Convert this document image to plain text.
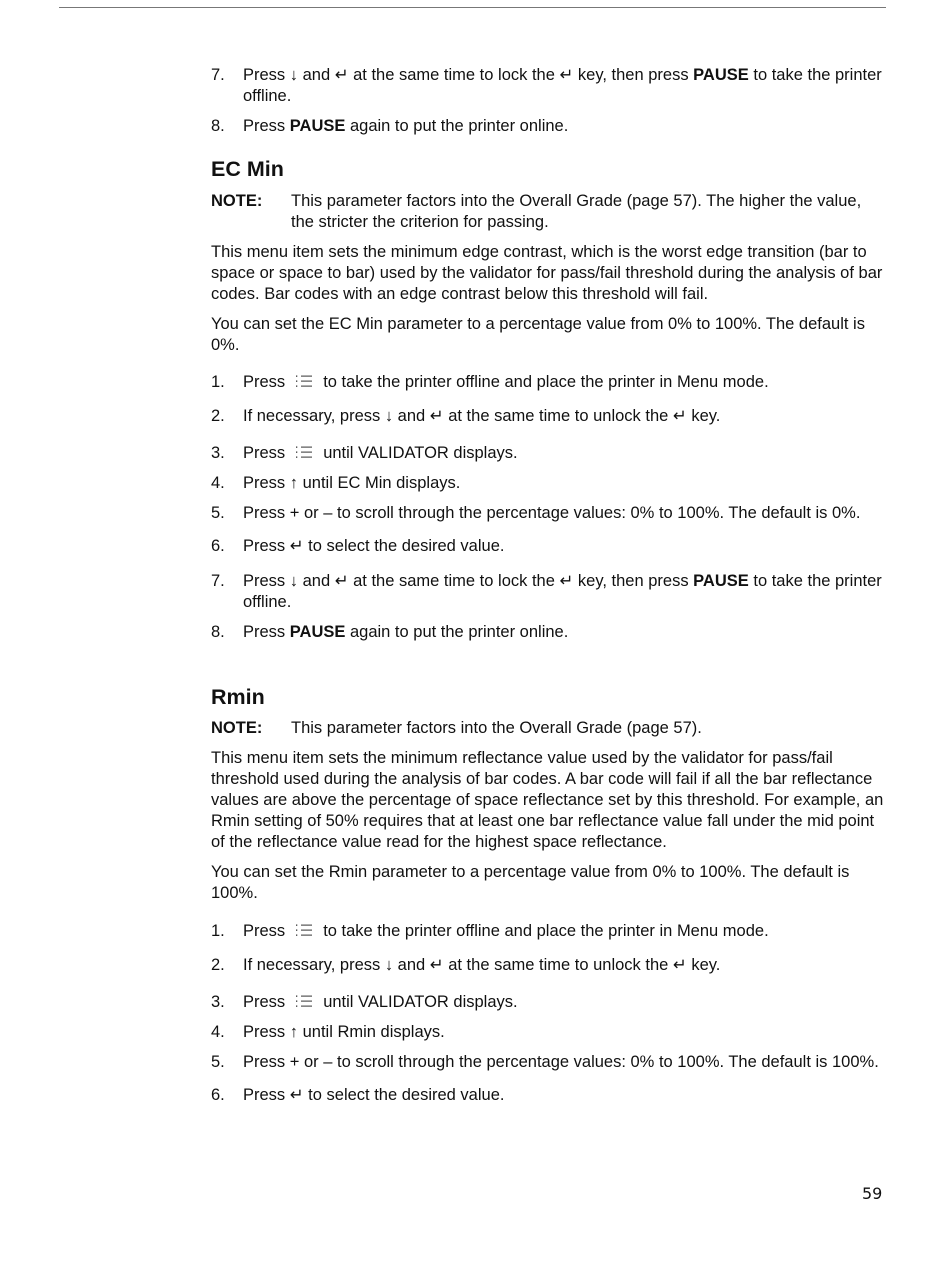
7. Press ↓ and ↵ at the same time to lock the ↵ key, then press PAUSE to take the printer offline.

8. Press PAUSE again to put the printer online.

EC Min
NOTE:	This parameter factors into the Overall Grade (page 57). The higher the value, the stricter the criterion for passing.

This menu item sets the minimum edge contrast, which is the worst edge transition (bar to space or space to bar) used by the validator for pass/fail threshold during the analysis of bar codes. Bar codes with an edge contrast below this threshold will fail.

You can set the EC Min parameter to a percentage value from 0% to 100%. The default is 0%.

1. Press to take the printer offline and place the printer in Menu mode.

2. If necessary, press ↓ and ↵ at the same time to unlock the ↵ key.

3. Press until VALIDATOR displays.

4. Press ↑ until EC Min displays.

5. Press + or – to scroll through the percentage values: 0% to 100%. The default is 0%.

6. Press ↵ to select the desired value.

7. Press ↓ and ↵ at the same time to lock the ↵ key, then press PAUSE to take the printer offline.

8. Press PAUSE again to put the printer online.

Rmin
NOTE:	This parameter factors into the Overall Grade (page 57).

This menu item sets the minimum reflectance value used by the validator for pass/fail threshold used during the analysis of bar codes. A bar code will fail if all the bar reflectance values are above the percentage of space reflectance set by this threshold. For example, an Rmin setting of 50% requires that at least one bar reflectance value fall under the mid point of the reflectance value read for the highest space reflectance.

You can set the Rmin parameter to a percentage value from 0% to 100%. The default is 100%.

1. Press to take the printer offline and place the printer in Menu mode.

2. If necessary, press ↓ and ↵ at the same time to unlock the ↵ key.

3. Press until VALIDATOR displays.

4. Press ↑ until Rmin displays.

5. Press + or – to scroll through the percentage values: 0% to 100%. The default is 100%.

6. Press ↵ to select the desired value.

59
